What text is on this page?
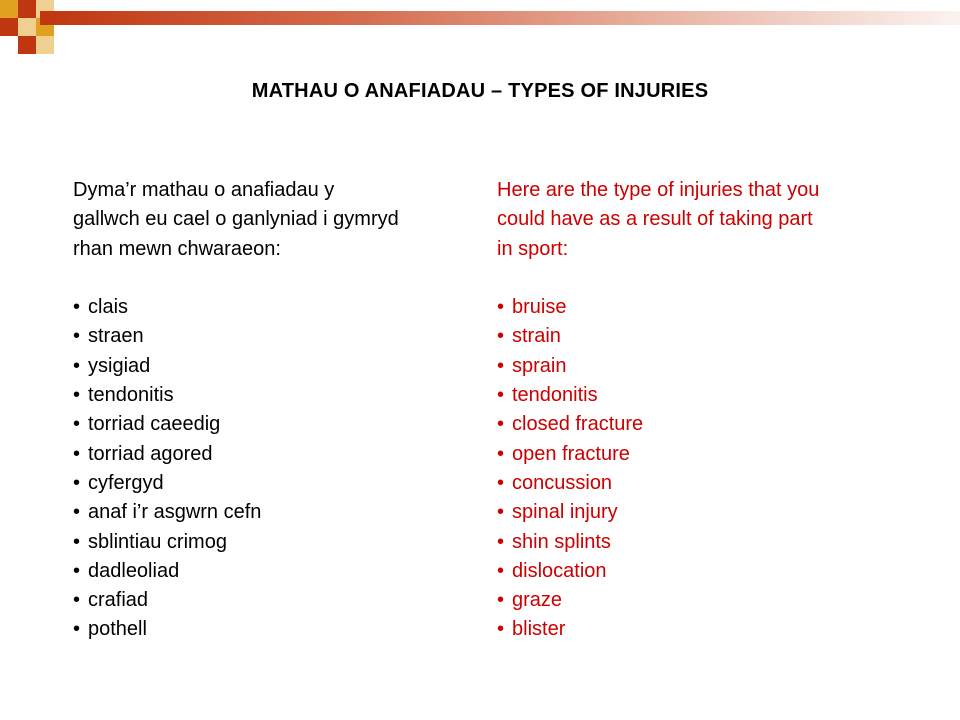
MATHAU O ANAFIADAU – TYPES OF INJURIES

Dyma’r mathau o anafiadau y
gallwch eu cael o ganlyniad i gymryd
rhan mewn chwaraeon:

• clais
• straen
• ysigiad
• tendonitis
• torriad caeedig
• torriad agored
• cyfergyd
• anaf i’r asgwrn cefn
• sblintiau crimog
• dadleoliad
• crafiad
• pothell

Here are the type of injuries that you
could have as a result of taking part
in sport:

• bruise
• strain
• sprain
• tendonitis
• closed fracture
• open fracture
• concussion
• spinal injury
• shin splints
• dislocation
• graze
• blister
